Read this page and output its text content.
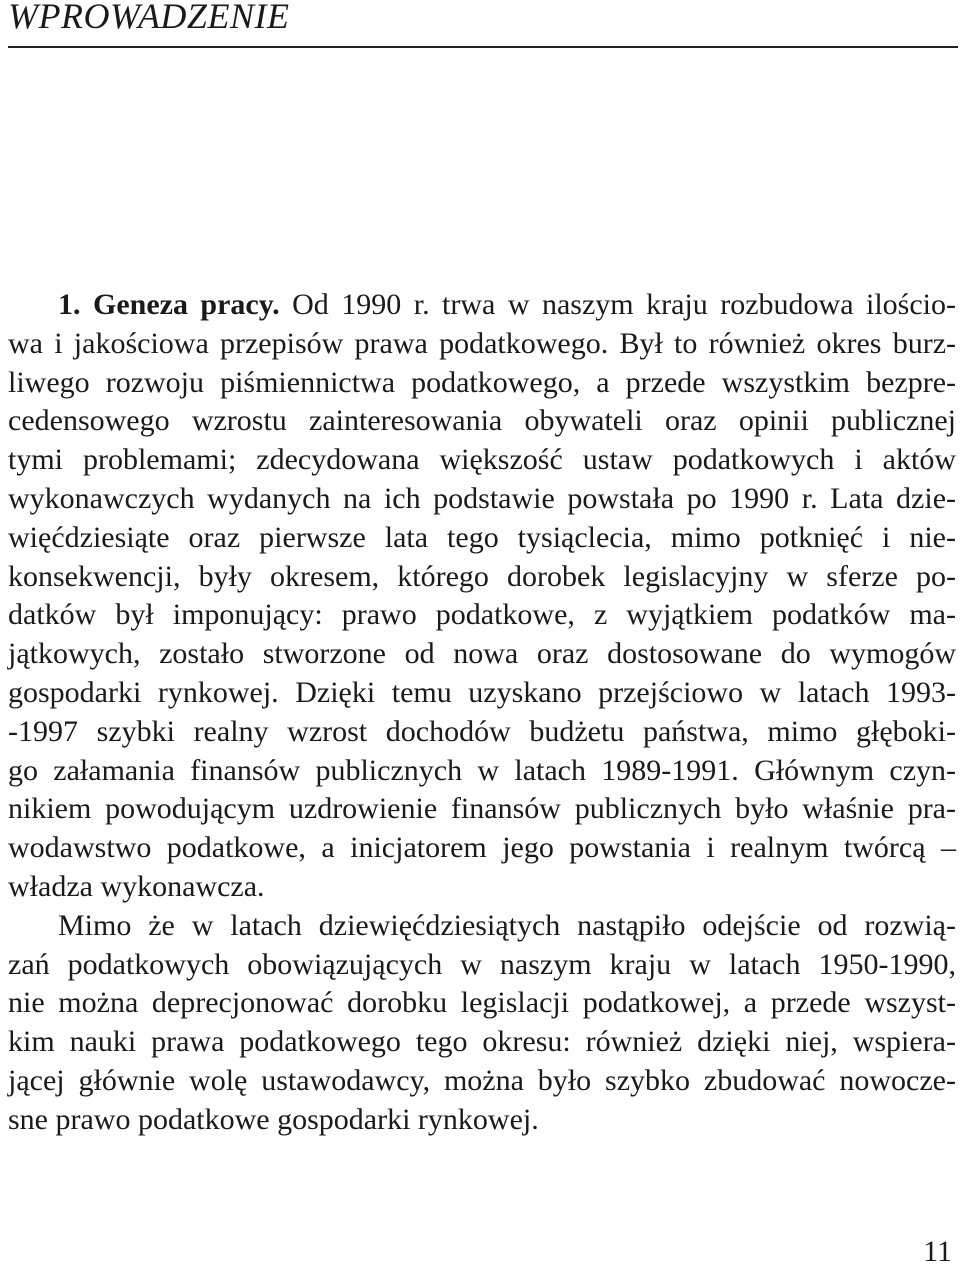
WPROWADZENIE
1. Geneza pracy. Od 1990 r. trwa w naszym kraju rozbudowa ilościo-
wa i jakościowa przepisów prawa podatkowego. Był to również okres burz-
liwego rozwoju piśmiennictwa podatkowego, a przede wszystkim bezpre-
cedensowego wzrostu zainteresowania obywateli oraz opinii publicznej
tymi problemami; zdecydowana większość ustaw podatkowych i aktów
wykonawczych wydanych na ich podstawie powstała po 1990 r. Lata dzie-
więćdziesiąte oraz pierwsze lata tego tysiąclecia, mimo potknięć i nie-
konsekwencji, były okresem, którego dorobek legislacyjny w sferze po-
datków był imponujący: prawo podatkowe, z wyjątkiem podatków ma-
jątkowych, zostało stworzone od nowa oraz dostosowane do wymogów
gospodarki rynkowej. Dzięki temu uzyskano przejściowo w latach 1993-
-1997 szybki realny wzrost dochodów budżetu państwa, mimo głęboki-
go załamania finansów publicznych w latach 1989-1991. Głównym czyn-
nikiem powodującym uzdrowienie finansów publicznych było właśnie pra-
wodawstwo podatkowe, a inicjatorem jego powstania i realnym twórcą –
władza wykonawcza.
Mimo że w latach dziewięćdziesiątych nastąpiło odejście od rozwią-
zań podatkowych obowiązujących w naszym kraju w latach 1950-1990,
nie można deprecjonować dorobku legislacji podatkowej, a przede wszyst-
kim nauki prawa podatkowego tego okresu: również dzięki niej, wspiera-
jącej głównie wolę ustawodawcy, można było szybko zbudować nowocze-
sne prawo podatkowe gospodarki rynkowej.
11
